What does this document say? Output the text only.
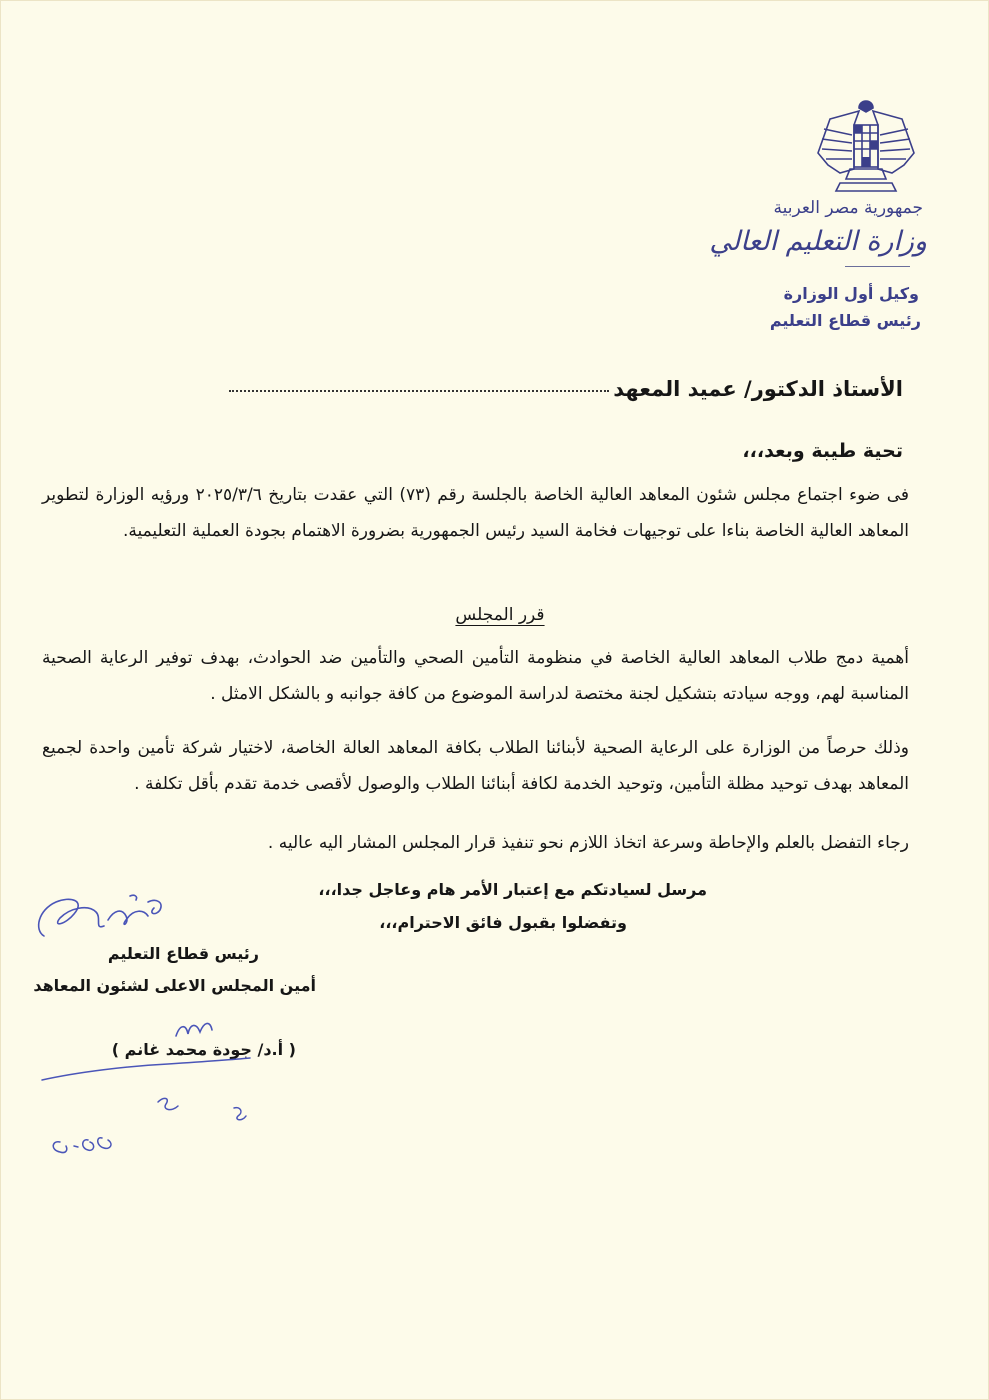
جمهورية مصر العربية
وزارة التعليم العالي
وكيل أول الوزارة
رئيس قطاع التعليم
الأستاذ الدكتور/ عميد المعهد
تحية طيبة وبعد،،،
فى ضوء اجتماع مجلس شئون المعاهد العالية الخاصة بالجلسة رقم (٧٣) التي عقدت بتاريخ ٢٠٢٥/٣/٦ ورؤيه الوزارة لتطوير المعاهد العالية الخاصة بناءا على توجيهات فخامة السيد رئيس الجمهورية بضرورة الاهتمام بجودة العملية التعليمية.
قرر المجلس
أهمية دمج طلاب المعاهد العالية الخاصة في منظومة التأمين الصحي والتأمين ضد الحوادث، بهدف توفير الرعاية الصحية المناسبة لهم، ووجه سيادته بتشكيل لجنة مختصة لدراسة الموضوع من كافة جوانبه و بالشكل الامثل .
وذلك حرصاً من الوزارة على الرعاية الصحية لأبنائنا الطلاب بكافة المعاهد العالة الخاصة، لاختيار شركة تأمين واحدة لجميع المعاهد بهدف توحيد مظلة التأمين، وتوحيد الخدمة لكافة أبنائنا الطلاب والوصول لأقصى خدمة تقدم بأقل تكلفة .
رجاء التفضل بالعلم والإحاطة وسرعة اتخاذ اللازم نحو تنفيذ قرار المجلس المشار اليه عاليه .
مرسل لسيادتكم مع إعتبار الأمر هام وعاجل جدا،،،
وتفضلوا بقبول فائق الاحترام،،،
رئيس قطاع التعليم
أمين المجلس الاعلى لشئون المعاهد
( أ.د/ جودة محمد غانم )
